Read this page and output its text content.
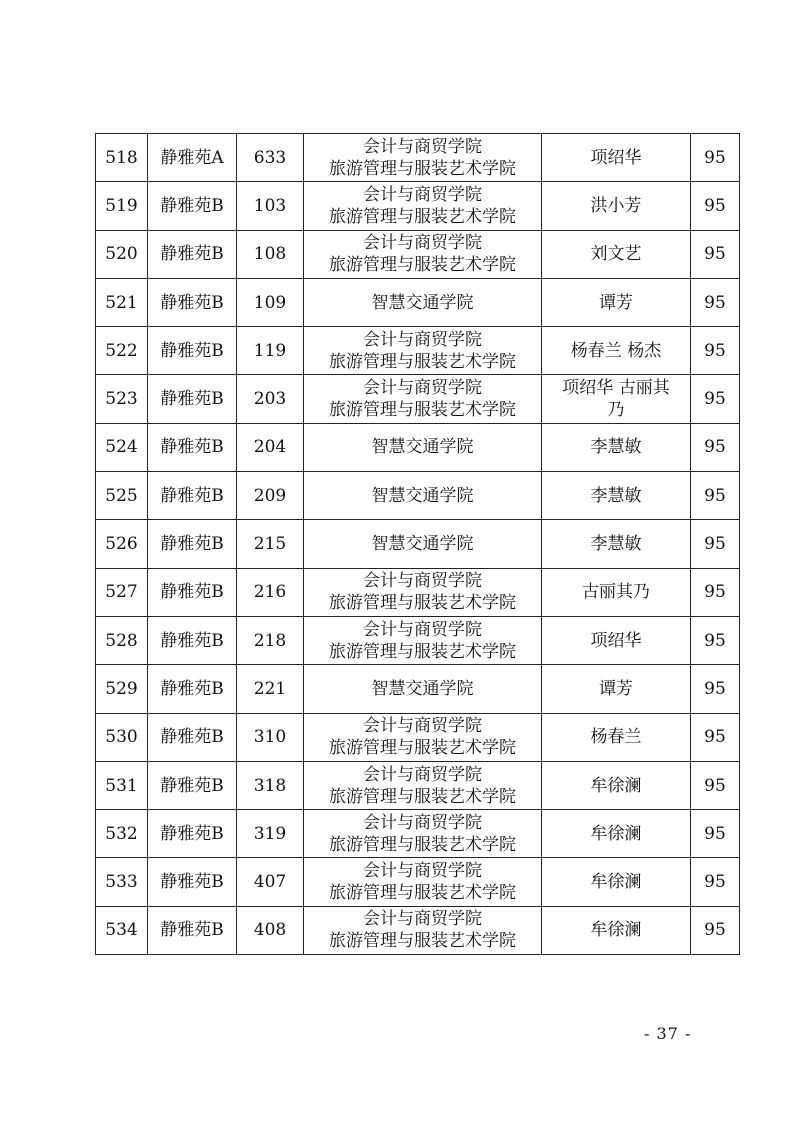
518	静雅苑A	633	会计与商贸学院
旅游管理与服装艺术学院	项绍华	95
519	静雅苑B	103	会计与商贸学院
旅游管理与服装艺术学院	洪小芳	95
520	静雅苑B	108	会计与商贸学院
旅游管理与服装艺术学院	刘文艺	95
521	静雅苑B	109	智慧交通学院	谭芳	95
522	静雅苑B	119	会计与商贸学院
旅游管理与服装艺术学院	杨春兰 杨杰	95
523	静雅苑B	203	会计与商贸学院
旅游管理与服装艺术学院	项绍华 古丽其
乃	95
524	静雅苑B	204	智慧交通学院	李慧敏	95
525	静雅苑B	209	智慧交通学院	李慧敏	95
526	静雅苑B	215	智慧交通学院	李慧敏	95
527	静雅苑B	216	会计与商贸学院
旅游管理与服装艺术学院	古丽其乃	95
528	静雅苑B	218	会计与商贸学院
旅游管理与服装艺术学院	项绍华	95
529	静雅苑B	221	智慧交通学院	谭芳	95
530	静雅苑B	310	会计与商贸学院
旅游管理与服装艺术学院	杨春兰	95
531	静雅苑B	318	会计与商贸学院
旅游管理与服装艺术学院	牟徐澜	95
532	静雅苑B	319	会计与商贸学院
旅游管理与服装艺术学院	牟徐澜	95
533	静雅苑B	407	会计与商贸学院
旅游管理与服装艺术学院	牟徐澜	95
534	静雅苑B	408	会计与商贸学院
旅游管理与服装艺术学院	牟徐澜	95
- 37 -
